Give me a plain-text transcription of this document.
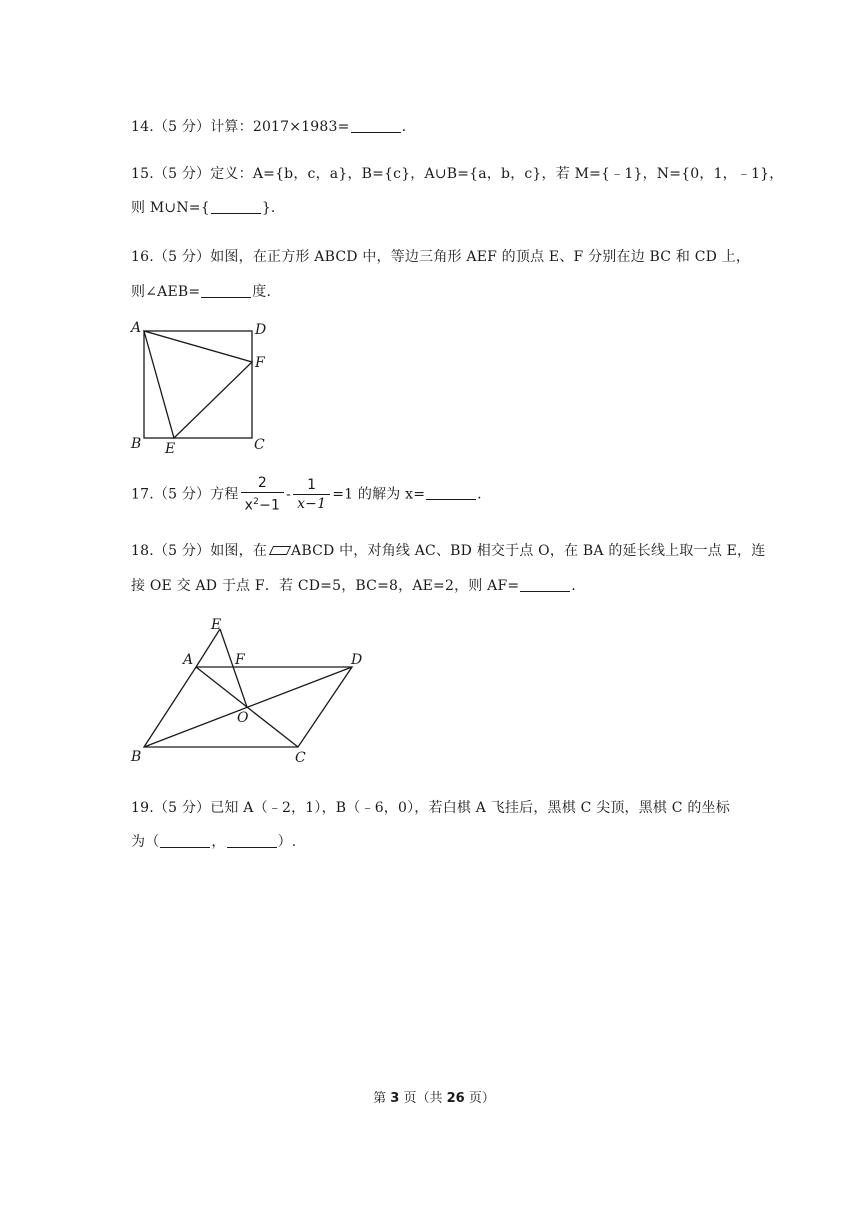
14.（5 分）计算：2017×1983=	.
15.（5 分）定义：A={b，c，a}，B={c}，A∪B={a，b，c}，若 M={﹣1}，N={0，1，﹣1}，
则 M∪N={	}.
16.（5 分）如图，在正方形 ABCD 中，等边三角形 AEF 的顶点 E、F 分别在边 BC 和 CD 上，
则∠AEB=	度.
A	D
F
B E	C
17.（5 分）方程 $\frac{2}{x^2-1} - \frac{1}{x-1} =1$ 的解为 x=	.
18.（5 分）如图，在 ABCD 中，对角线 AC、BD 相交于点 O，在 BA 的延长线上取一点 E，连
接 OE 交 AD 于点 F．若 CD=5，BC=8，AE=2，则 AF=	.
E
A	F	D
O
B	C
19.（5 分）已知 A（﹣2，1），B（﹣6，0），若白棋 A 飞挂后，黑棋 C 尖顶，黑棋 C 的坐标
为（	，	）.
第 3 页（共 26 页）
